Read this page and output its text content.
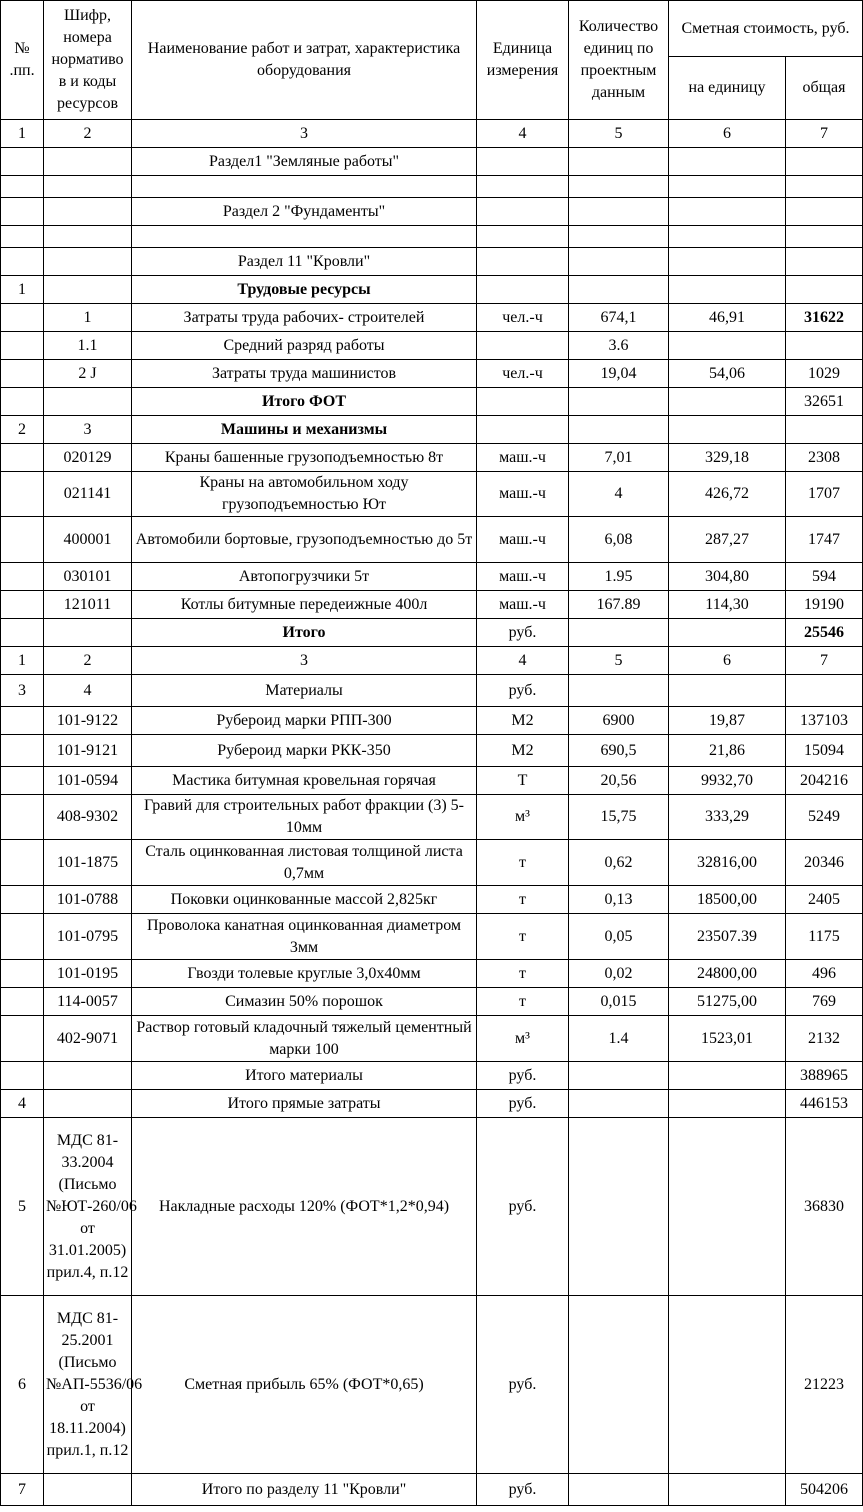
№ .пп.	Шифр, номера нормативо в и коды ресурсов	Наименование работ и затрат, характеристика оборудования	Единица измерения	Количество единиц по проектным данным	Сметная стоимость, руб.	
					на единицу	общая
1	2	3	4	5	6	7
		Раздел1 "Земляные работы"				

		Раздел 2 "Фундаменты"				

		Раздел 11 "Кровли"				
1		Трудовые ресурсы				
	1	Затраты труда рабочих- строителей	чел.-ч	674,1	46,91	31622
	1.1	Средний разряд работы		3.6		
	2 J	Затраты труда машинистов	чел.-ч	19,04	54,06	1029
		Итого ФОТ				32651
2	3	Машины и механизмы				
	020129	Краны башенные грузоподъемностью 8т	маш.-ч	7,01	329,18	2308
	021141	Краны на автомобильном ходу грузоподъемностью Ют	маш.-ч	4	426,72	1707
	400001	Автомобили бортовые, грузоподъемностью до 5т	маш.-ч	6,08	287,27	1747
	030101	Автопогрузчики 5т	маш.-ч	1.95	304,80	594
	121011	Котлы битумные передеижные 400л	маш.-ч	167.89	114,30	19190
		Итого	руб.			25546
1	2	3	4	5	6	7
3	4	Материалы	руб.			
	101-9122	Рубероид марки РПП-300	М2	6900	19,87	137103
	101-9121	Рубероид марки РКК-350	М2	690,5	21,86	15094
	101-0594	Мастика битумная кровельная горячая	Т	20,56	9932,70	204216
	408-9302	Гравий для строительных работ фракции (3) 5-10мм	м³	15,75	333,29	5249
	101-1875	Сталь оцинкованная листовая толщиной листа 0,7мм	т	0,62	32816,00	20346
	101-0788	Поковки оцинкованные массой 2,825кг	т	0,13	18500,00	2405
	101-0795	Проволока канатная оцинкованная диаметром 3мм	т	0,05	23507.39	1175
	101-0195	Гвозди толевые круглые 3,0х40мм	т	0,02	24800,00	496
	114-0057	Симазин 50% порошок	т	0,015	51275,00	769
	402-9071	Раствор готовый кладочный тяжелый цементный марки 100	м³	1.4	1523,01	2132
		Итого материалы	руб.			388965
4		Итого прямые затраты	руб.			446153
5	МДС 81-33.2004 (Письмо №ЮТ-260/06 от 31.01.2005) прил.4, п.12	Накладные расходы 120% (ФОТ*1,2*0,94)	руб.			36830
6	МДС 81-25.2001 (Письмо №АП-5536/06 от 18.11.2004) прил.1, п.12	Сметная прибыль 65% (ФОТ*0,65)	руб.			21223
7		Итого по разделу 11 "Кровли"	руб.			504206
